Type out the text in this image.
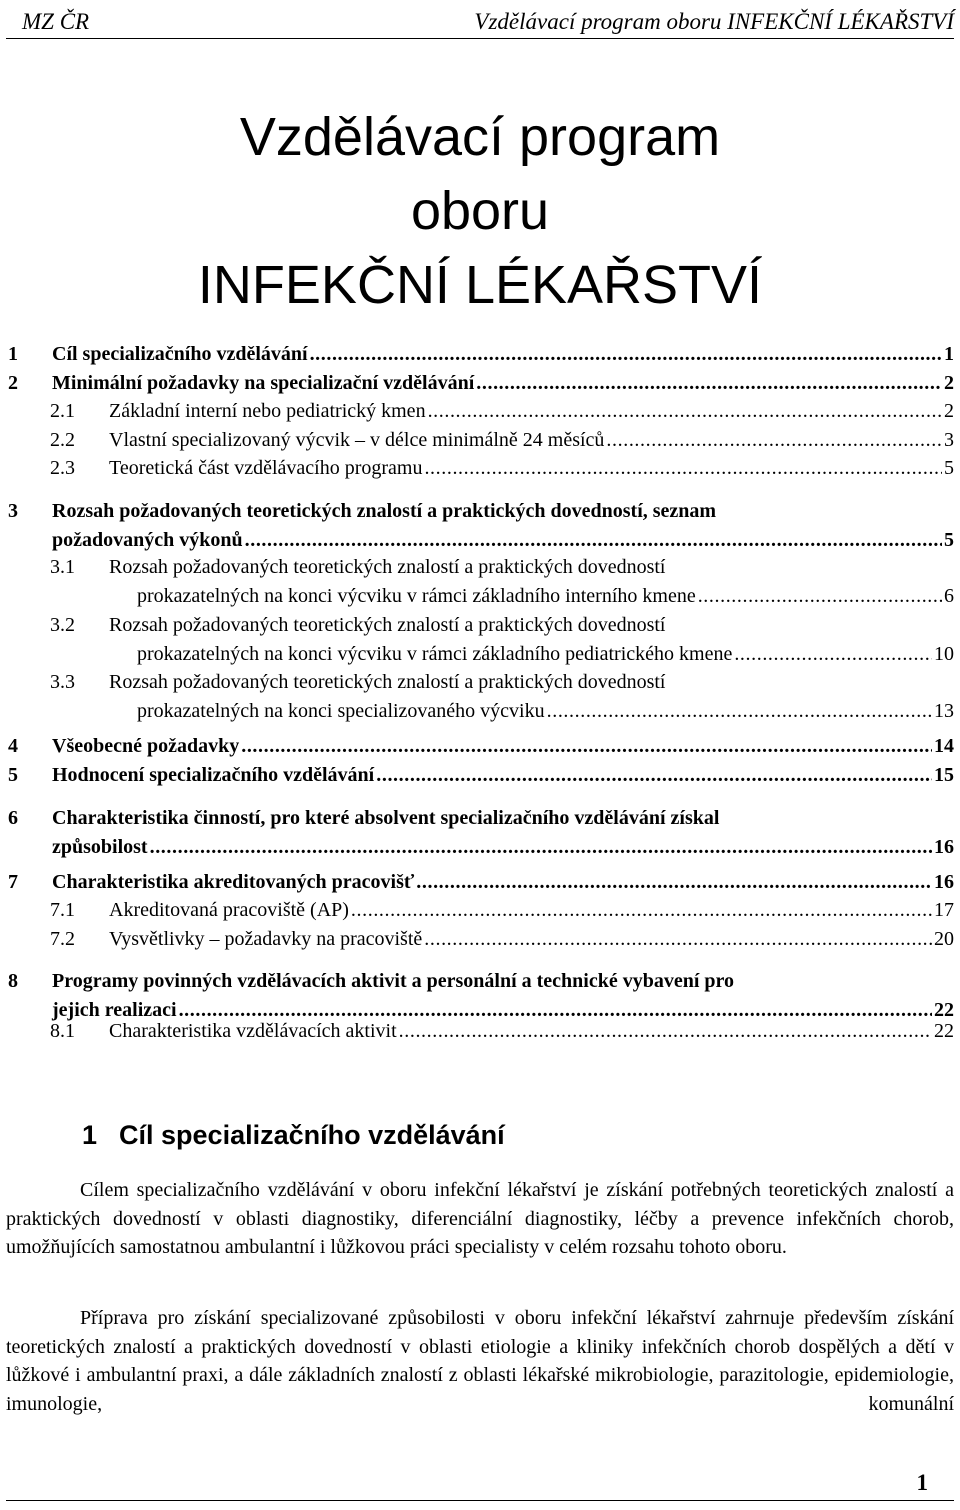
MZ ČR	Vzdělávací program oboru INFEKČNÍ LÉKAŘSTVÍ
Vzdělávací program
oboru
INFEKČNÍ LÉKAŘSTVÍ
1 Cíl specializačního vzdělávání .....	1
2 Minimální požadavky na specializační vzdělávání .....	2
2.1 Základní interní nebo pediatrický kmen .....	2
2.2 Vlastní specializovaný výcvik – v délce minimálně 24 měsíců .....	3
2.3 Teoretická část vzdělávacího programu .....	5
3 Rozsah požadovaných teoretických znalostí a praktických dovedností, seznam
požadovaných výkonů .....	5
3.1 Rozsah požadovaných teoretických znalostí a praktických dovedností
prokazatelných na konci výcviku v rámci základního interního kmene .....	6
3.2 Rozsah požadovaných teoretických znalostí a praktických dovedností
prokazatelných na konci výcviku v rámci základního pediatrického kmene .....	10
3.3 Rozsah požadovaných teoretických znalostí a praktických dovedností
prokazatelných na konci specializovaného výcviku .....	13
4 Všeobecné požadavky .....	14
5 Hodnocení specializačního vzdělávání .....	15
6 Charakteristika činností, pro které absolvent specializačního vzdělávání získal
způsobilost .....	16
7 Charakteristika akreditovaných pracovišť .....	16
7.1 Akreditovaná pracoviště (AP) .....	17
7.2 Vysvětlivky – požadavky na pracoviště .....	20
8 Programy povinných vzdělávacích aktivit a personální a technické vybavení pro
jejich realizaci .....	22
8.1 Charakteristika vzdělávacích aktivit .....	22
1 Cíl specializačního vzdělávání

Cílem specializačního vzdělávání v oboru infekční lékařství je získání potřebných teoretických znalostí a praktických dovedností v oblasti diagnostiky, diferenciální diagnostiky, léčby a prevence infekčních chorob, umožňujících samostatnou ambulantní i lůžkovou práci specialisty v celém rozsahu tohoto oboru.

Příprava pro získání specializované způsobilosti v oboru infekční lékařství zahrnuje především získání teoretických znalostí a praktických dovedností v oblasti etiologie a kliniky infekčních chorob dospělých a dětí v lůžkové i ambulantní praxi, a dále základních znalostí z oblasti lékařské mikrobiologie, parazitologie, epidemiologie, imunologie, komunální

1
